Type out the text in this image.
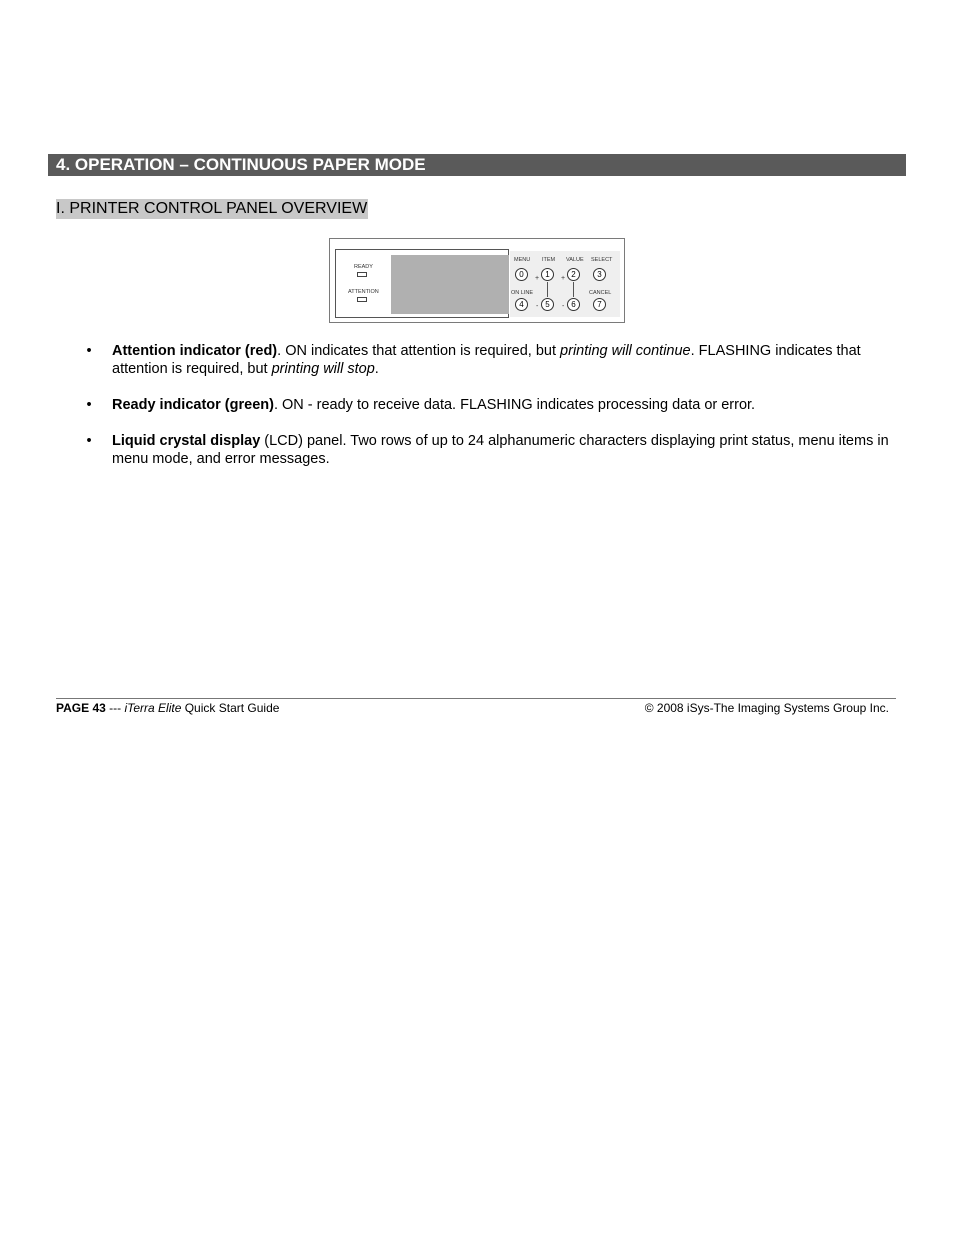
4. OPERATION – CONTINUOUS PAPER MODE
I. PRINTER CONTROL PANEL OVERVIEW
READY
ATTENTION
MENU ITEM VALUE SELECT
0	+ 1	+ 2	3
ON LINE	CANCEL
4	- 5	- 6	7
• Attention indicator (red). ON indicates that attention is required, but printing will continue. FLASHING indicates that attention is required, but printing will stop.
• Ready indicator (green). ON - ready to receive data. FLASHING indicates processing data or error.
• Liquid crystal display (LCD) panel. Two rows of up to 24 alphanumeric characters displaying print status, menu items in menu mode, and error messages.
PAGE 43 --- iTerra Elite Quick Start Guide	© 2008 iSys-The Imaging Systems Group Inc.
